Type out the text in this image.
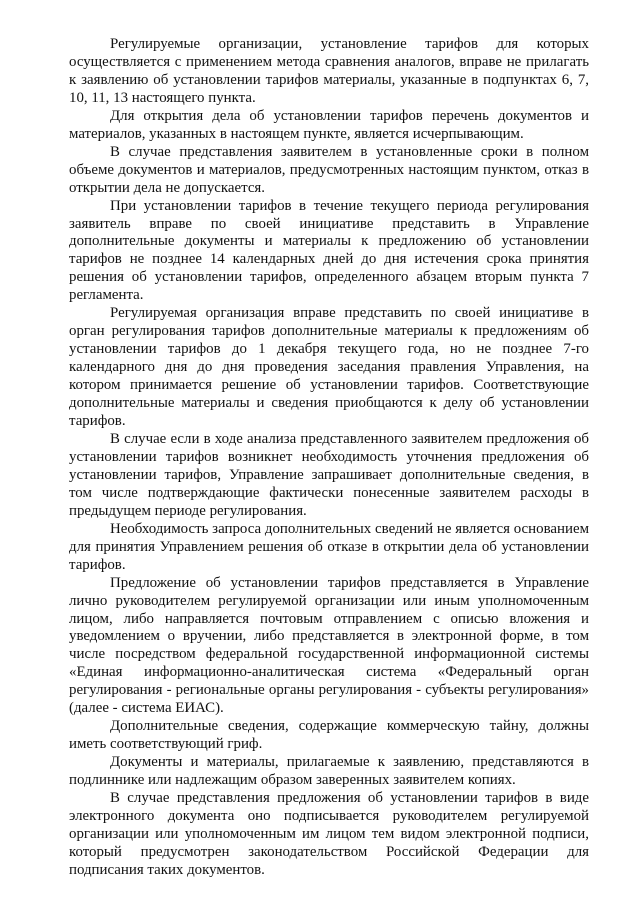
Регулируемые организации, установление тарифов для которых осуществляется с применением метода сравнения аналогов, вправе не прилагать к заявлению об установлении тарифов материалы, указанные в подпунктах 6, 7, 10, 11, 13 настоящего пункта.

Для открытия дела об установлении тарифов перечень документов и материалов, указанных в настоящем пункте, является исчерпывающим.

В случае представления заявителем в установленные сроки в полном объеме документов и материалов, предусмотренных настоящим пунктом, отказ в открытии дела не допускается.

При установлении тарифов в течение текущего периода регулирования заявитель вправе по своей инициативе представить в Управление дополнительные документы и материалы к предложению об установлении тарифов не позднее 14 календарных дней до дня истечения срока принятия решения об установлении тарифов, определенного абзацем вторым пункта 7 регламента.

Регулируемая организация вправе представить по своей инициативе в орган регулирования тарифов дополнительные материалы к предложениям об установлении тарифов до 1 декабря текущего года, но не позднее 7-го календарного дня до дня проведения заседания правления Управления, на котором принимается решение об установлении тарифов. Соответствующие дополнительные материалы и сведения приобщаются к делу об установлении тарифов.

В случае если в ходе анализа представленного заявителем предложения об установлении тарифов возникнет необходимость уточнения предложения об установлении тарифов, Управление запрашивает дополнительные сведения, в том числе подтверждающие фактически понесенные заявителем расходы в предыдущем периоде регулирования.

Необходимость запроса дополнительных сведений не является основанием для принятия Управлением решения об отказе в открытии дела об установлении тарифов.

Предложение об установлении тарифов представляется в Управление лично руководителем регулируемой организации или иным уполномоченным лицом, либо направляется почтовым отправлением с описью вложения и уведомлением о вручении, либо представляется в электронной форме, в том числе посредством федеральной государственной информационной системы «Единая информационно-аналитическая система «Федеральный орган регулирования - региональные органы регулирования - субъекты регулирования» (далее - система ЕИАС).

Дополнительные сведения, содержащие коммерческую тайну, должны иметь соответствующий гриф.

Документы и материалы, прилагаемые к заявлению, представляются в подлиннике или надлежащим образом заверенных заявителем копиях.

В случае представления предложения об установлении тарифов в виде электронного документа оно подписывается руководителем регулируемой организации или уполномоченным им лицом тем видом электронной подписи, который предусмотрен законодательством Российской Федерации для подписания таких документов.
